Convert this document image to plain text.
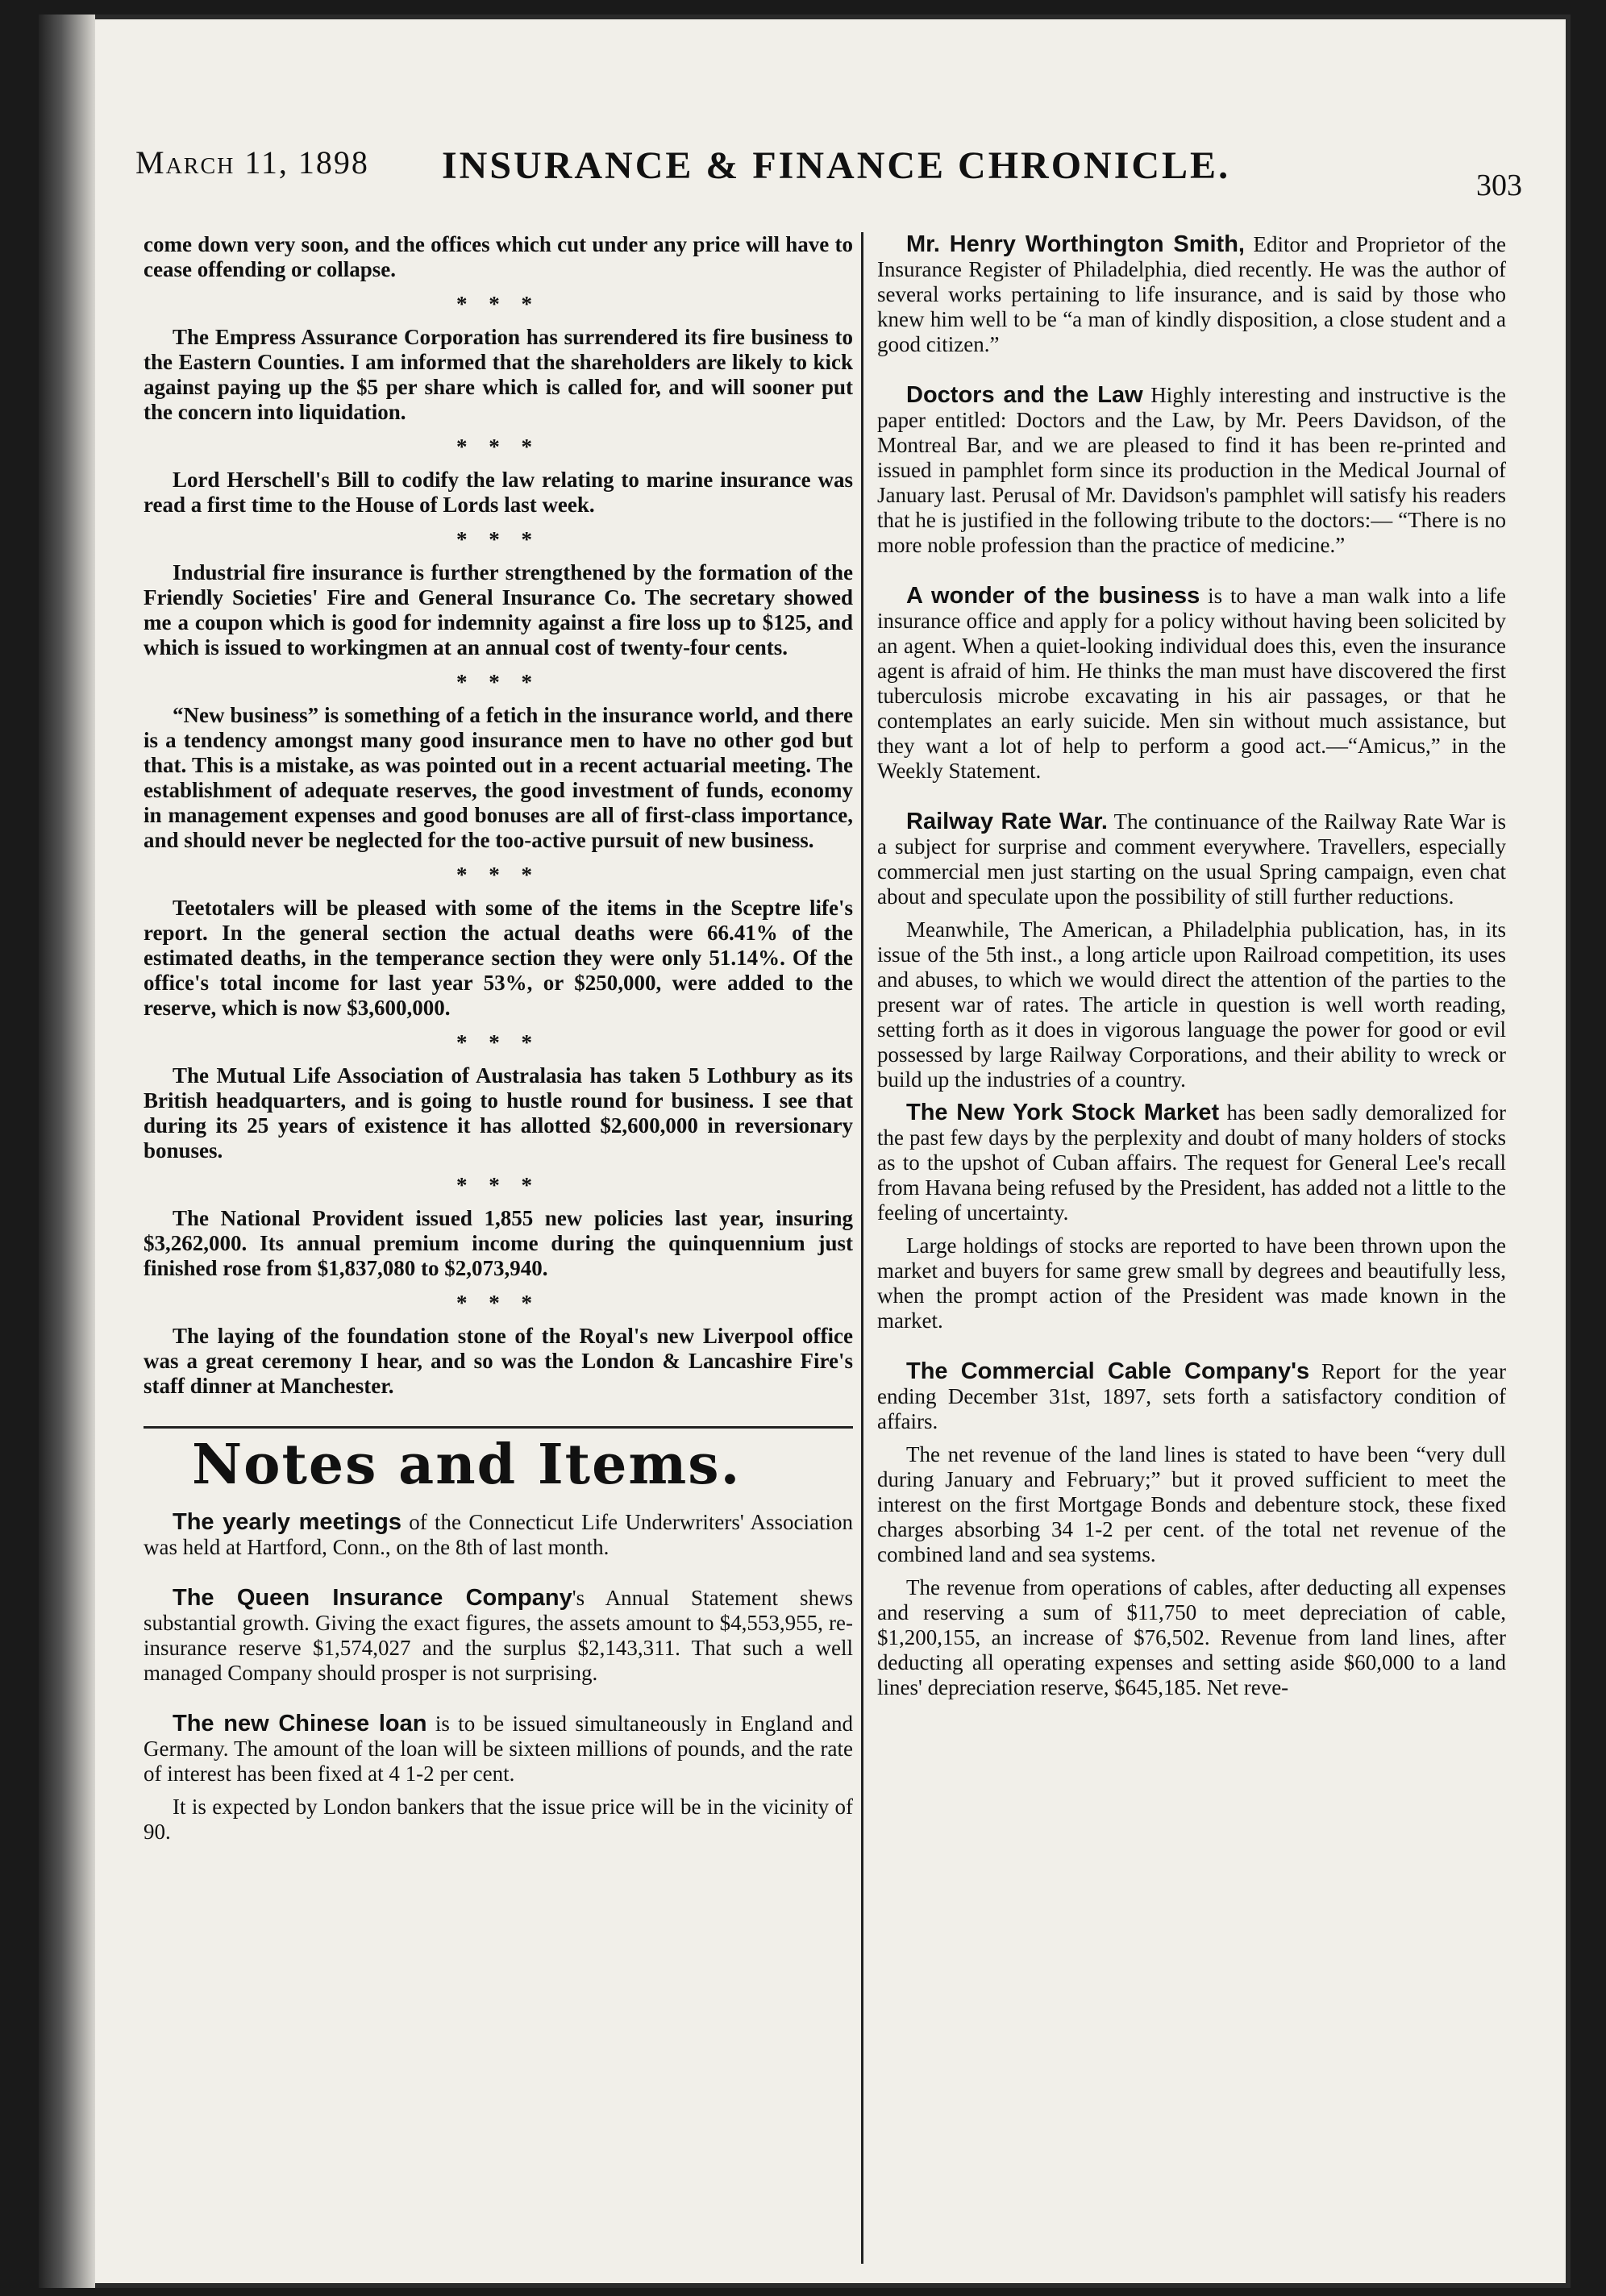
March 11, 1898 INSURANCE & FINANCE CHRONICLE.	303

come down very soon, and the offices which cut under any price will have to cease offending or collapse.

* * *

The Empress Assurance Corporation has surrendered its fire business to the Eastern Counties. I am informed that the shareholders are likely to kick against paying up the $5 per share which is called for, and will sooner put the concern into liquidation.

* * *

Lord Herschell's Bill to codify the law relating to marine insurance was read a first time to the House of Lords last week.

* * *

Industrial fire insurance is further strengthened by the formation of the Friendly Societies' Fire and General Insurance Co. The secretary showed me a coupon which is good for indemnity against a fire loss up to $125, and which is issued to workingmen at an annual cost of twenty-four cents.

* * *

“New business” is something of a fetich in the insurance world, and there is a tendency amongst many good insurance men to have no other god but that. This is a mistake, as was pointed out in a recent actuarial meeting. The establishment of adequate reserves, the good investment of funds, economy in management expenses and good bonuses are all of first-class importance, and should never be neglected for the too-active pursuit of new business.

* * *

Teetotalers will be pleased with some of the items in the Sceptre life's report. In the general section the actual deaths were 66.41% of the estimated deaths, in the temperance section they were only 51.14%. Of the office's total income for last year 53%, or $250,000, were added to the reserve, which is now $3,600,000.

* * *

The Mutual Life Association of Australasia has taken 5 Lothbury as its British headquarters, and is going to hustle round for business. I see that during its 25 years of existence it has allotted $2,600,000 in reversionary bonuses.

* * *

The National Provident issued 1,855 new policies last year, insuring $3,262,000. Its annual premium income during the quinquennium just finished rose from $1,837,080 to $2,073,940.

* * *

The laying of the foundation stone of the Royal's new Liverpool office was a great ceremony I hear, and so was the London & Lancashire Fire's staff dinner at Manchester.

Notes and Items.

The yearly meetings of the Connecticut Life Underwriters' Association was held at Hartford, Conn., on the 8th of last month.

The Queen Insurance Company's Annual Statement shews substantial growth. Giving the exact figures, the assets amount to $4,553,955, re-insurance reserve $1,574,027 and the surplus $2,143,311. That such a well managed Company should prosper is not surprising.

The new Chinese loan is to be issued simultaneously in England and Germany. The amount of the loan will be sixteen millions of pounds, and the rate of interest has been fixed at 4 1-2 per cent.

It is expected by London bankers that the issue price will be in the vicinity of 90.

Mr. Henry Worthington Smith, Editor and Proprietor of the Insurance Register of Philadelphia, died recently. He was the author of several works pertaining to life insurance, and is said by those who knew him well to be “a man of kindly disposition, a close student and a good citizen.”

Doctors and the Law Highly interesting and instructive is the paper entitled: Doctors and the Law, by Mr. Peers Davidson, of the Montreal Bar, and we are pleased to find it has been re-printed and issued in pamphlet form since its production in the Medical Journal of January last. Perusal of Mr. Davidson's pamphlet will satisfy his readers that he is justified in the following tribute to the doctors:— “There is no more noble profession than the practice of medicine.”

A wonder of the business is to have a man walk into a life insurance office and apply for a policy without having been solicited by an agent. When a quiet-looking individual does this, even the insurance agent is afraid of him. He thinks the man must have discovered the first tuberculosis microbe excavating in his air passages, or that he contemplates an early suicide. Men sin without much assistance, but they want a lot of help to perform a good act.—“Amicus,” in the Weekly Statement.

Railway Rate War. The continuance of the Railway Rate War is a subject for surprise and comment everywhere. Travellers, especially commercial men just starting on the usual Spring campaign, even chat about and speculate upon the possibility of still further reductions.

Meanwhile, The American, a Philadelphia publication, has, in its issue of the 5th inst., a long article upon Railroad competition, its uses and abuses, to which we would direct the attention of the parties to the present war of rates. The article in question is well worth reading, setting forth as it does in vigorous language the power for good or evil possessed by large Railway Corporations, and their ability to wreck or build up the industries of a country.

The New York Stock Market has been sadly demoralized for the past few days by the perplexity and doubt of many holders of stocks as to the upshot of Cuban affairs. The request for General Lee's recall from Havana being refused by the President, has added not a little to the feeling of uncertainty.

Large holdings of stocks are reported to have been thrown upon the market and buyers for same grew small by degrees and beautifully less, when the prompt action of the President was made known in the market.

The Commercial Cable Company's Report for the year ending December 31st, 1897, sets forth a satisfactory condition of affairs.

The net revenue of the land lines is stated to have been “very dull during January and February;” but it proved sufficient to meet the interest on the first Mortgage Bonds and debenture stock, these fixed charges absorbing 34 1-2 per cent. of the total net revenue of the combined land and sea systems.

The revenue from operations of cables, after deducting all expenses and reserving a sum of $11,750 to meet depreciation of cable, $1,200,155, an increase of $76,502. Revenue from land lines, after deducting all operating expenses and setting aside $60,000 to a land lines' depreciation reserve, $645,185. Net reve-
